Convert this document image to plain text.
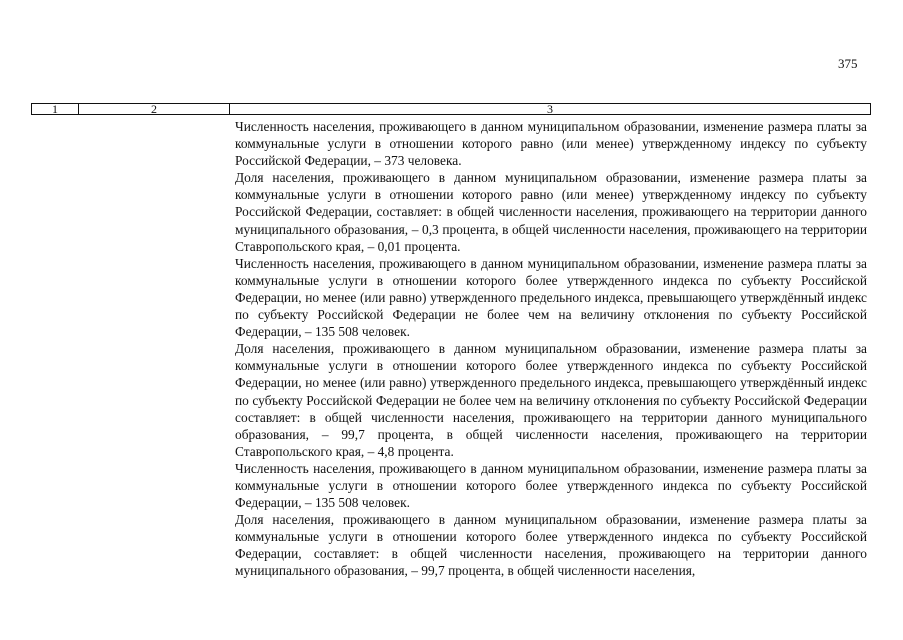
375
1	2	3

Численность населения, проживающего в данном муниципальном образовании, изменение размера платы за коммунальные услуги в отношении которого равно (или менее) утвержденному индексу по субъекту Российской Федерации, – 373 человека.

Доля населения, проживающего в данном муниципальном образовании, изменение размера платы за коммунальные услуги в отношении которого равно (или менее) утвержденному индексу по субъекту Российской Федерации, составляет: в общей численности населения, проживающего на территории данного муниципального образования, – 0,3 процента, в общей численности населения, проживающего на территории Ставропольского края, – 0,01 процента.

Численность населения, проживающего в данном муниципальном образовании, изменение размера платы за коммунальные услуги в отношении которого более утвержденного индекса по субъекту Российской Федерации, но менее (или равно) утвержденного предельного индекса, превышающего утверждённый индекс по субъекту Российской Федерации не более чем на величину отклонения по субъекту Российской Федерации, – 135 508 человек.

Доля населения, проживающего в данном муниципальном образовании, изменение размера платы за коммунальные услуги в отношении которого более утвержденного индекса по субъекту Российской Федерации, но менее (или равно) утвержденного предельного индекса, превышающего утверждённый индекс по субъекту Российской Федерации не более чем на величину отклонения по субъекту Российской Федерации составляет: в общей численности населения, проживающего на территории данного муниципального образования, – 99,7 процента, в общей численности населения, проживающего на территории Ставропольского края, – 4,8 процента.

Численность населения, проживающего в данном муниципальном образовании, изменение размера платы за коммунальные услуги в отношении которого более утвержденного индекса по субъекту Российской Федерации, – 135 508 человек.

Доля населения, проживающего в данном муниципальном образовании, изменение размера платы за коммунальные услуги в отношении которого более утвержденного индекса по субъекту Российской Федерации, составляет: в общей численности населения, проживающего на территории данного муниципального образования, – 99,7 процента, в общей численности населения,
